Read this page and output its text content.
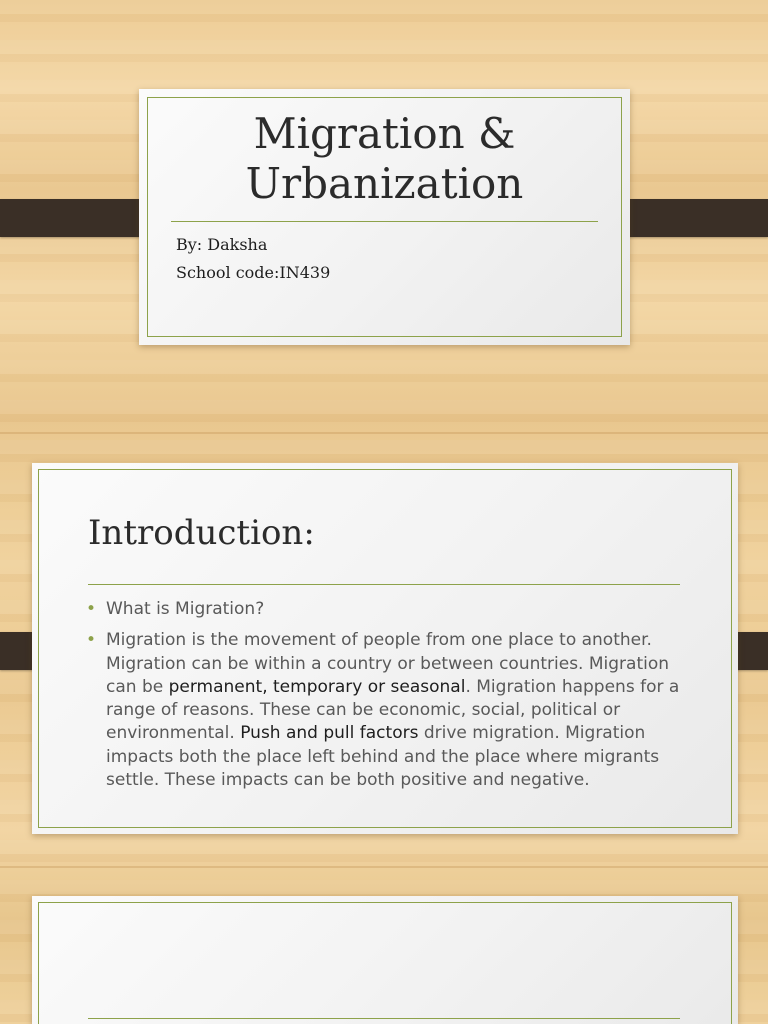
Migration &
Urbanization
By: Daksha
School code:IN439
Introduction:
• What is Migration?
• Migration is the movement of people from one place to another. Migration can be within a country or between countries. Migration can be permanent, temporary or seasonal. Migration happens for a range of reasons. These can be economic, social, political or environmental. Push and pull factors drive migration. Migration impacts both the place left behind and the place where migrants settle. These impacts can be both positive and negative.
